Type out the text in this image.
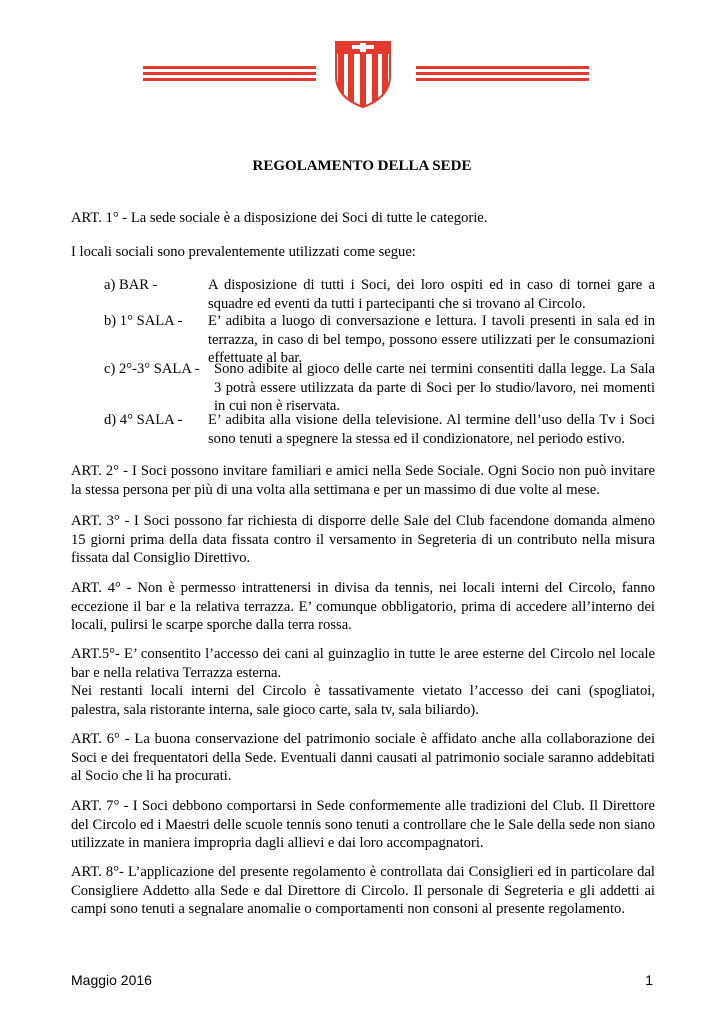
REGOLAMENTO DELLA SEDE
ART. 1° - La sede sociale è a disposizione dei Soci di tutte le categorie.
I locali sociali sono prevalentemente utilizzati come segue:
a) BAR -	A disposizione di tutti i Soci, dei loro ospiti ed in caso di tornei gare a squadre ed eventi da tutti i partecipanti che si trovano al Circolo.
b) 1° SALA - E’ adibita a luogo di conversazione e lettura. I tavoli presenti in sala ed in terrazza, in caso di bel tempo, possono essere utilizzati per le consumazioni effettuate al bar.
c) 2°-3° SALA - Sono adibite al gioco delle carte nei termini consentiti dalla legge. La Sala 3 potrà essere utilizzata da parte di Soci per lo studio/lavoro, nei momenti in cui non è riservata.
d) 4° SALA - E’ adibita alla visione della televisione. Al termine dell’uso della Tv i Soci sono tenuti a spegnere la stessa ed il condizionatore, nel periodo estivo.
ART. 2° - I Soci possono invitare familiari e amici nella Sede Sociale. Ogni Socio non può invitare la stessa persona per più di una volta alla settimana e per un massimo di due volte al mese.
ART. 3° - I Soci possono far richiesta di disporre delle Sale del Club facendone domanda almeno 15 giorni prima della data fissata contro il versamento in Segreteria di un contributo nella misura fissata dal Consiglio Direttivo.
ART. 4° - Non è permesso intrattenersi in divisa da tennis, nei locali interni del Circolo, fanno eccezione il bar e la relativa terrazza. E’ comunque obbligatorio, prima di accedere all’interno dei locali, pulirsi le scarpe sporche dalla terra rossa.
ART.5°- E’ consentito l’accesso dei cani al guinzaglio in tutte le aree esterne del Circolo nel locale bar e nella relativa Terrazza esterna.
Nei restanti locali interni del Circolo è tassativamente vietato l’accesso dei cani (spogliatoi, palestra, sala ristorante interna, sale gioco carte, sala tv, sala biliardo).
ART. 6° - La buona conservazione del patrimonio sociale è affidato anche alla collaborazione dei Soci e dei frequentatori della Sede. Eventuali danni causati al patrimonio sociale saranno addebitati al Socio che li ha procurati.
ART. 7° - I Soci debbono comportarsi in Sede conformemente alle tradizioni del Club. Il Direttore del Circolo ed i Maestri delle scuole tennis sono tenuti a controllare che le Sale della sede non siano utilizzate in maniera impropria dagli allievi e dai loro accompagnatori.
ART. 8°- L’applicazione del presente regolamento è controllata dai Consiglieri ed in particolare dal Consigliere Addetto alla Sede e dal Direttore di Circolo. Il personale di Segreteria e gli addetti ai campi sono tenuti a segnalare anomalie o comportamenti non consoni al presente regolamento.
Maggio 2016	1
